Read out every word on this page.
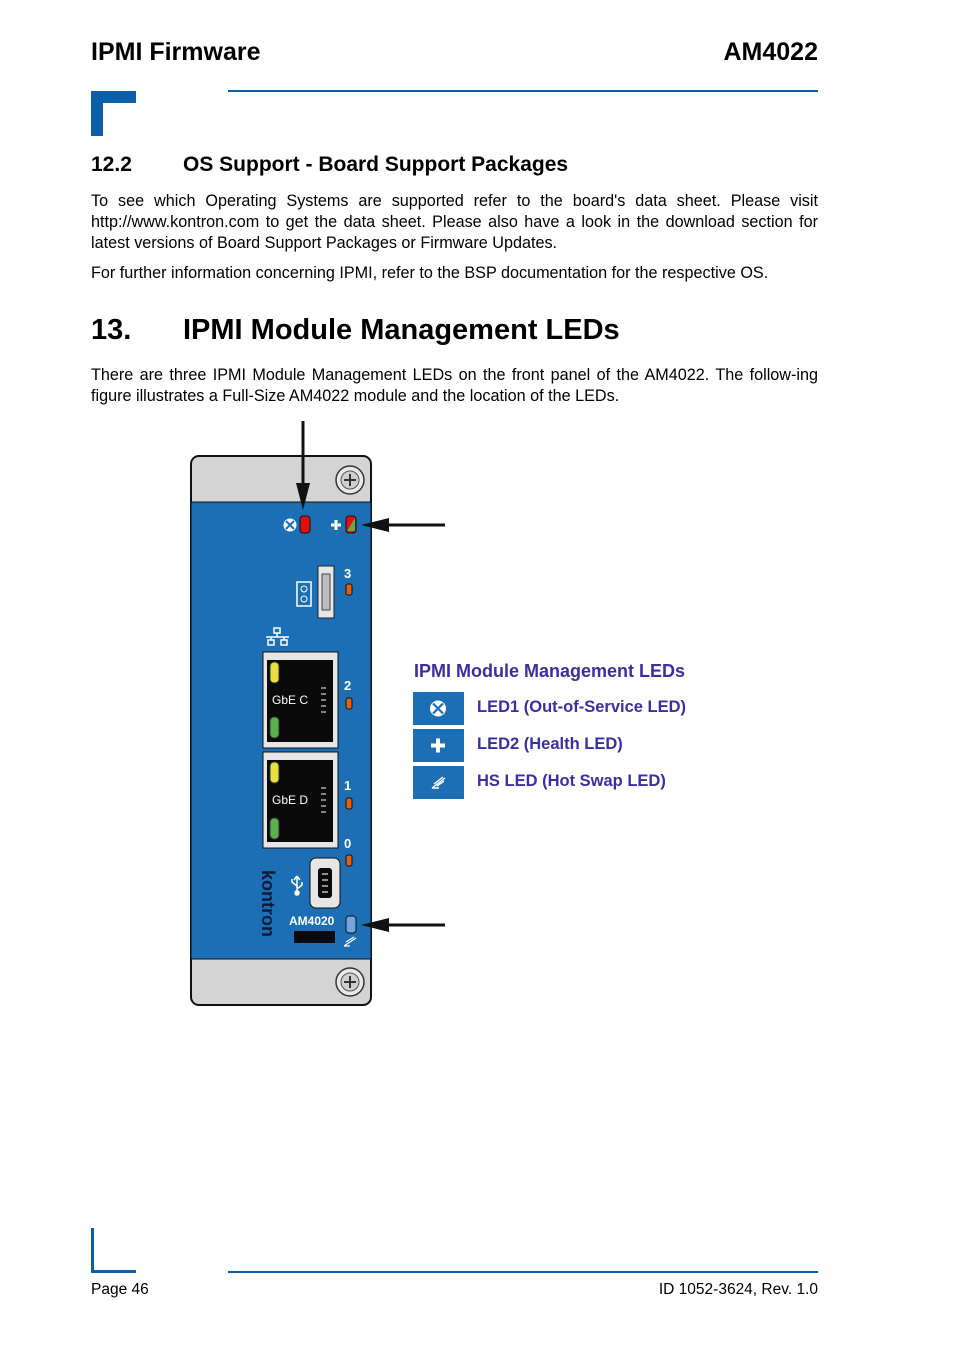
IPMI Firmware	AM4022
12.2 OS Support - Board Support Packages
To see which Operating Systems are supported refer to the board's data sheet. Please visit http://www.kontron.com to get the data sheet. Please also have a look in the download section for latest versions of Board Support Packages or Firmware Updates.
For further information concerning IPMI, refer to the BSP documentation for the respective OS.
13. IPMI Module Management LEDs
There are three IPMI Module Management LEDs on the front panel of the AM4022. The follow-ing figure illustrates a Full-Size AM4022 module and the location of the LEDs.
3
GbE C
2
GbE D
1
0
kontron AM4020
IPMI Module Management LEDs
LED1 (Out-of-Service LED)
LED2 (Health LED)
HS LED (Hot Swap LED)
Page 46	ID 1052-3624, Rev. 1.0
